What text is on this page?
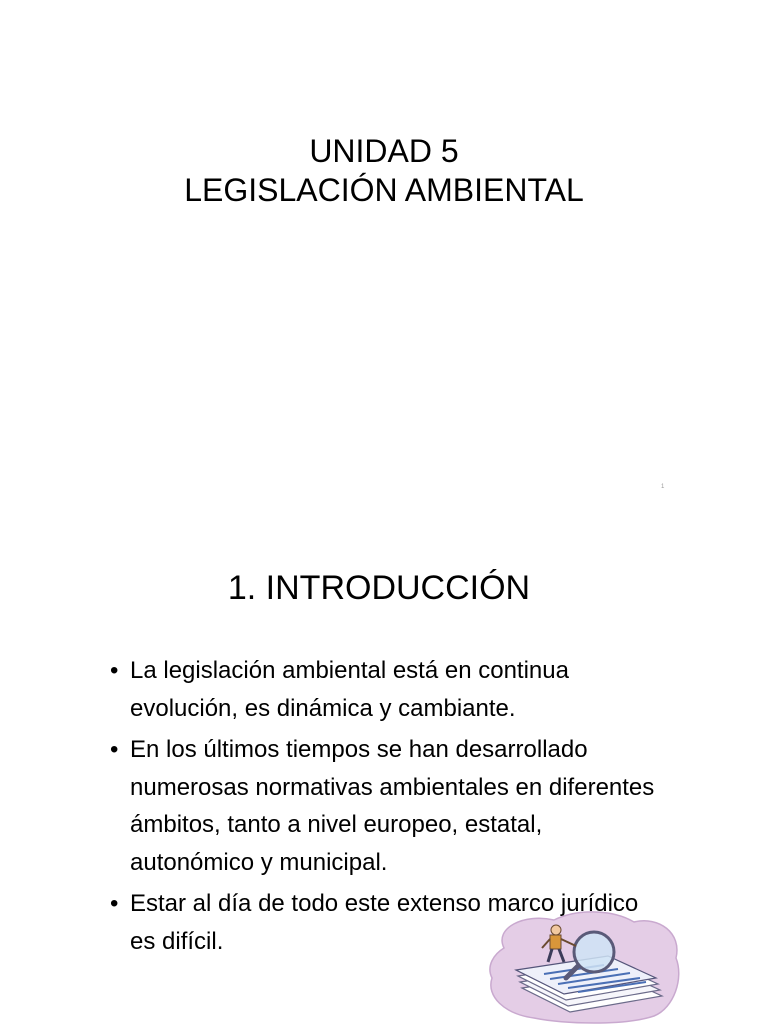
UNIDAD 5
LEGISLACIÓN AMBIENTAL
1
1. INTRODUCCIÓN
• La legislación ambiental está en continua evolución, es dinámica y cambiante.
• En los últimos tiempos se han desarrollado numerosas normativas ambientales en diferentes ámbitos, tanto a nivel europeo, estatal, autonómico y municipal.
• Estar al día de todo este extenso marco jurídico es difícil.
